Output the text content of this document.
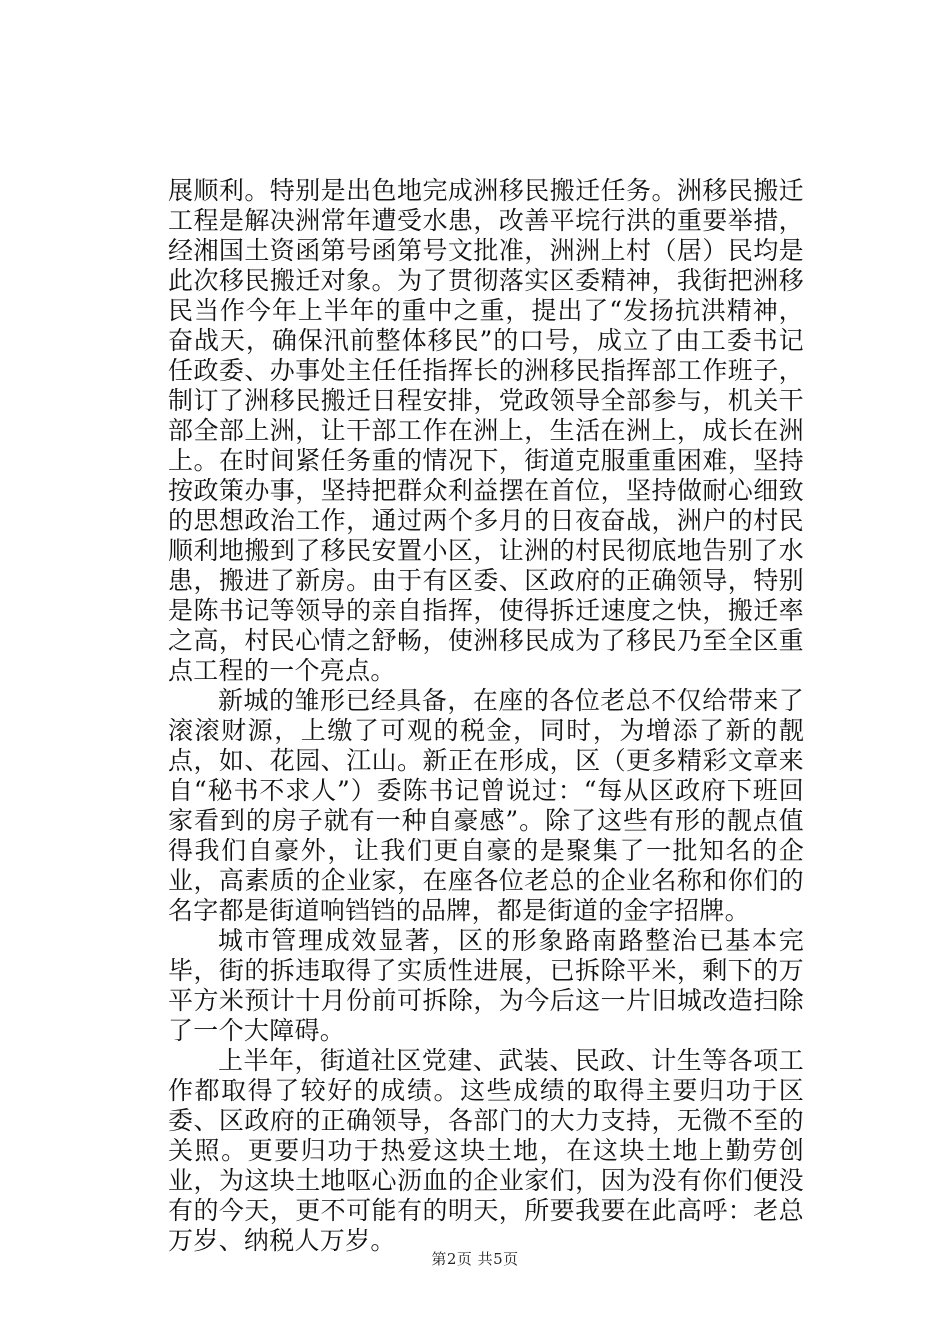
展顺利。特别是出色地完成洲移民搬迁任务。洲移民搬迁工程是解决洲常年遭受水患，改善平垸行洪的重要举措，经湘国土资函第号函第号文批准，洲洲上村（居）民均是此次移民搬迁对象。为了贯彻落实区委精神，我街把洲移民当作今年上半年的重中之重，提出了“发扬抗洪精神，奋战天，确保汛前整体移民”的口号，成立了由工委书记任政委、办事处主任任指挥长的洲移民指挥部工作班子，制订了洲移民搬迁日程安排，党政领导全部参与，机关干部全部上洲，让干部工作在洲上，生活在洲上，成长在洲上。在时间紧任务重的情况下，街道克服重重困难，坚持按政策办事，坚持把群众利益摆在首位，坚持做耐心细致的思想政治工作，通过两个多月的日夜奋战，洲户的村民顺利地搬到了移民安置小区，让洲的村民彻底地告别了水患，搬进了新房。由于有区委、区政府的正确领导，特别是陈书记等领导的亲自指挥，使得拆迁速度之快，搬迁率之高，村民心情之舒畅，使洲移民成为了移民乃至全区重点工程的一个亮点。

新城的雏形已经具备，在座的各位老总不仅给带来了滚滚财源，上缴了可观的税金，同时，为增添了新的靓点，如、花园、江山。新正在形成，区（更多精彩文章来自“秘书不求人”）委陈书记曾说过：“每从区政府下班回家看到的房子就有一种自豪感”。除了这些有形的靓点值得我们自豪外，让我们更自豪的是聚集了一批知名的企业，高素质的企业家，在座各位老总的企业名称和你们的名字都是街道响铛铛的品牌，都是街道的金字招牌。

城市管理成效显著，区的形象路南路整治已基本完毕，街的拆违取得了实质性进展，已拆除平米，剩下的万平方米预计十月份前可拆除，为今后这一片旧城改造扫除了一个大障碍。

上半年，街道社区党建、武装、民政、计生等各项工作都取得了较好的成绩。这些成绩的取得主要归功于区委、区政府的正确领导，各部门的大力支持，无微不至的关照。更要归功于热爱这块土地，在这块土地上勤劳创业，为这块土地呕心沥血的企业家们，因为没有你们便没有的今天，更不可能有的明天，所要我要在此高呼：老总万岁、纳税人万岁。

第2页 共5页
